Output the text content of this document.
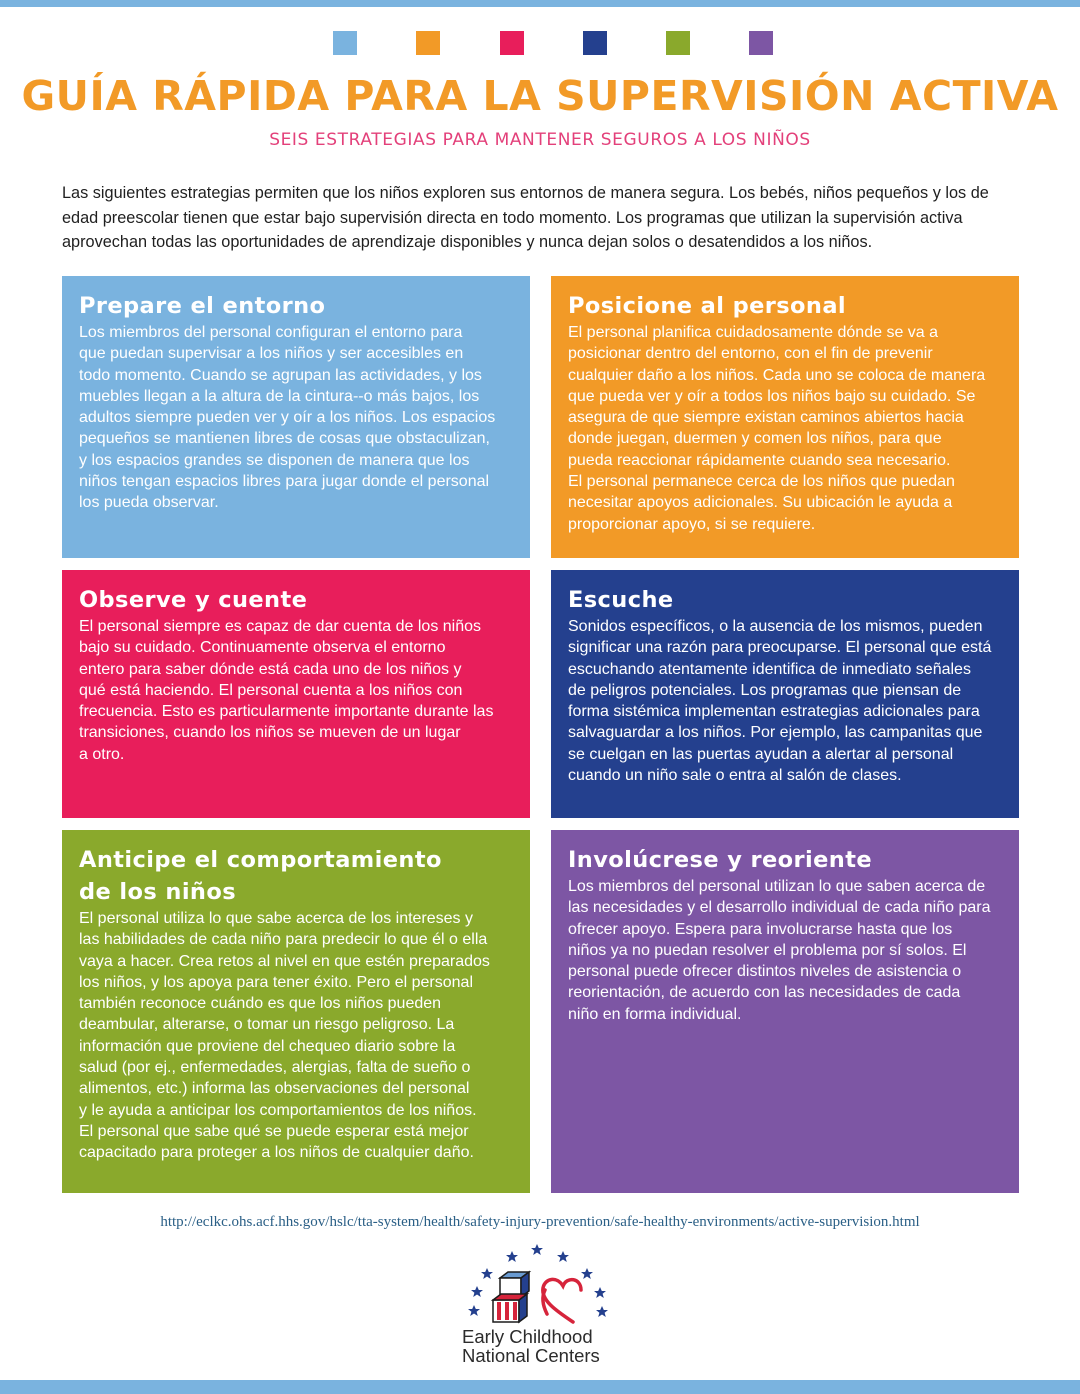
GUÍA RÁPIDA PARA LA SUPERVISIÓN ACTIVA
SEIS ESTRATEGIAS PARA MANTENER SEGUROS A LOS NIÑOS

Las siguientes estrategias permiten que los niños exploren sus entornos de manera segura. Los bebés, niños pequeños y los de edad preescolar tienen que estar bajo supervisión directa en todo momento. Los programas que utilizan la supervisión activa aprovechan todas las oportunidades de aprendizaje disponibles y nunca dejan solos o desatendidos a los niños.

Prepare el entorno

Los miembros del personal configuran el entorno para
que puedan supervisar a los niños y ser accesibles en
todo momento. Cuando se agrupan las actividades, y los
muebles llegan a la altura de la cintura--o más bajos, los
adultos siempre pueden ver y oír a los niños. Los espacios
pequeños se mantienen libres de cosas que obstaculizan,
y los espacios grandes se disponen de manera que los
niños tengan espacios libres para jugar donde el personal
los pueda observar.

Posicione al personal

El personal planifica cuidadosamente dónde se va a
posicionar dentro del entorno, con el fin de prevenir
cualquier daño a los niños. Cada uno se coloca de manera
que pueda ver y oír a todos los niños bajo su cuidado. Se
asegura de que siempre existan caminos abiertos hacia
donde juegan, duermen y comen los niños, para que
pueda reaccionar rápidamente cuando sea necesario.
El personal permanece cerca de los niños que puedan
necesitar apoyos adicionales. Su ubicación le ayuda a
proporcionar apoyo, si se requiere.

Observe y cuente

El personal siempre es capaz de dar cuenta de los niños
bajo su cuidado. Continuamente observa el entorno
entero para saber dónde está cada uno de los niños y
qué está haciendo. El personal cuenta a los niños con
frecuencia. Esto es particularmente importante durante las
transiciones, cuando los niños se mueven de un lugar
a otro.

Escuche

Sonidos específicos, o la ausencia de los mismos, pueden
significar una razón para preocuparse. El personal que está
escuchando atentamente identifica de inmediato señales
de peligros potenciales. Los programas que piensan de
forma sistémica implementan estrategias adicionales para
salvaguardar a los niños. Por ejemplo, las campanitas que
se cuelgan en las puertas ayudan a alertar al personal
cuando un niño sale o entra al salón de clases.

Anticipe el comportamiento
de los niños

El personal utiliza lo que sabe acerca de los intereses y
las habilidades de cada niño para predecir lo que él o ella
vaya a hacer. Crea retos al nivel en que estén preparados
los niños, y los apoya para tener éxito. Pero el personal
también reconoce cuándo es que los niños pueden
deambular, alterarse, o tomar un riesgo peligroso. La
información que proviene del chequeo diario sobre la
salud (por ej., enfermedades, alergias, falta de sueño o
alimentos, etc.) informa las observaciones del personal
y le ayuda a anticipar los comportamientos de los niños.
El personal que sabe qué se puede esperar está mejor
capacitado para proteger a los niños de cualquier daño.

Involúcrese y reoriente

Los miembros del personal utilizan lo que saben acerca de
las necesidades y el desarrollo individual de cada niño para
ofrecer apoyo. Espera para involucrarse hasta que los
niños ya no puedan resolver el problema por sí solos. El
personal puede ofrecer distintos niveles de asistencia o
reorientación, de acuerdo con las necesidades de cada
niño en forma individual.

http://eclkc.ohs.acf.hhs.gov/hslc/tta-system/health/safety-injury-prevention/safe-healthy-environments/active-supervision.html
Early Childhood
National Centers
